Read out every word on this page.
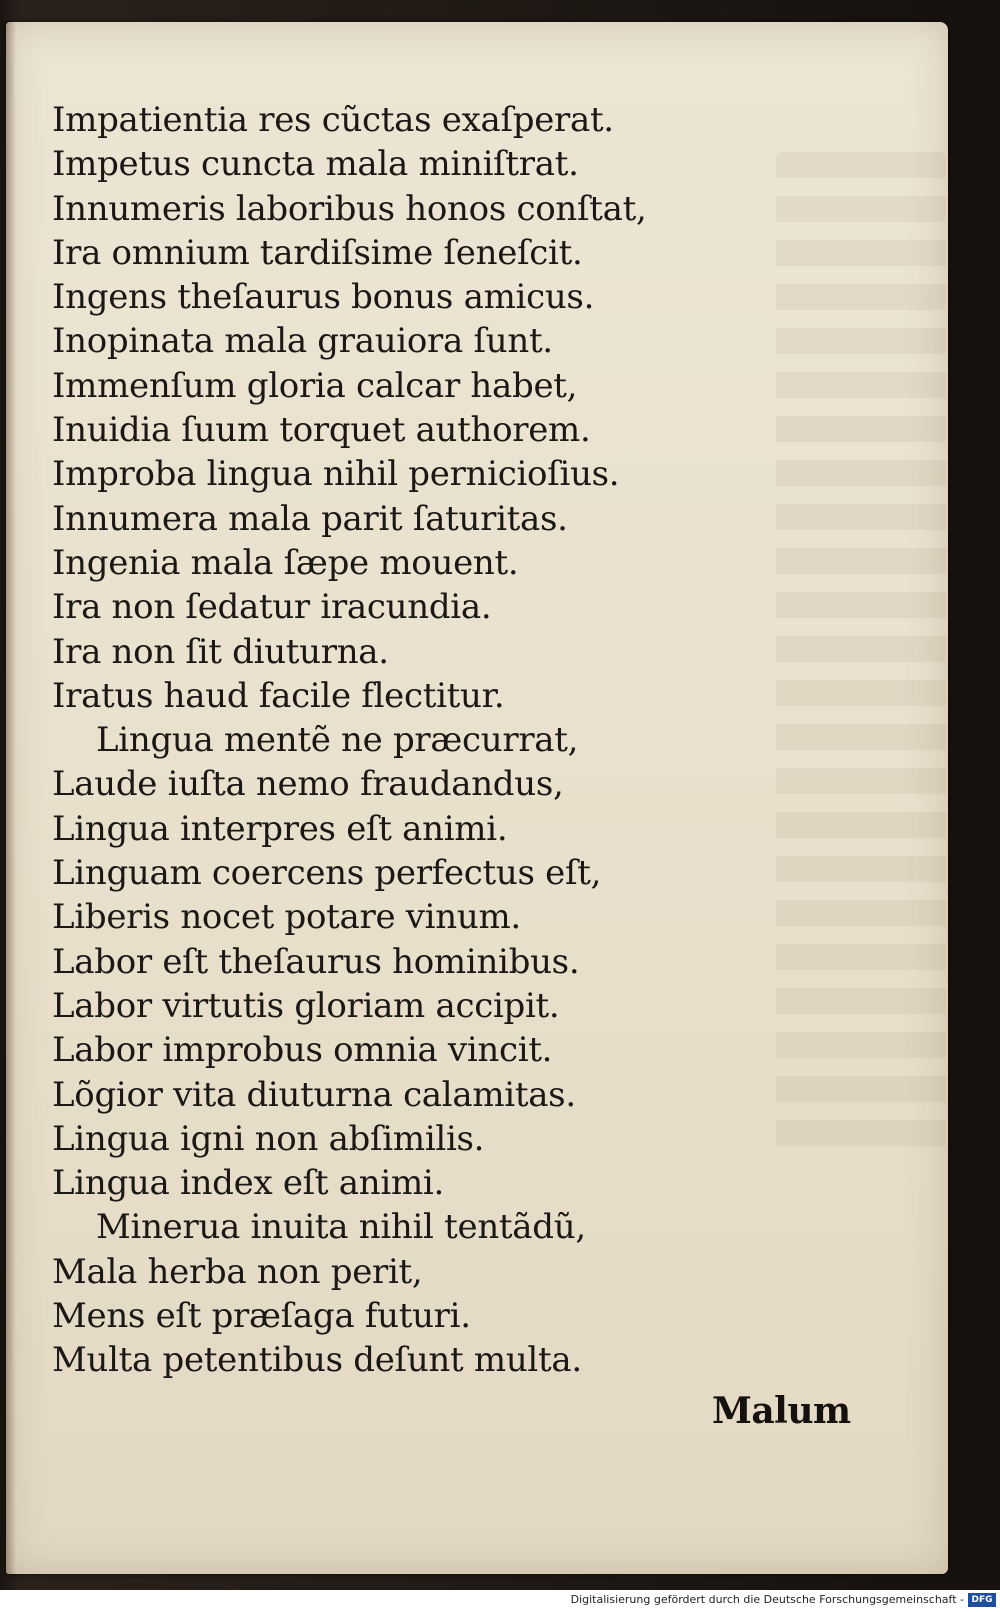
Impatientia res cũctas exaſperat.
Impetus cuncta mala miniſtrat.
Innumeris laboribus honos conſtat,
Ira omnium tardiſsime ſeneſcit.
Ingens theſaurus bonus amicus.
Inopinata mala grauiora ſunt.
Immenſum gloria calcar habet,
Inuidia ſuum torquet authorem.
Improba lingua nihil pernicioſius.
Innumera mala parit ſaturitas.
Ingenia mala ſæpe mouent.
Ira non ſedatur iracundia.
Ira non ſit diuturna.
Iratus haud facile flectitur.
Lingua mentẽ ne præcurrat,
Laude iuſta nemo fraudandus,
Lingua interpres eſt animi.
Linguam coercens perfectus eſt,
Liberis nocet potare vinum.
Labor eſt theſaurus hominibus.
Labor virtutis gloriam accipit.
Labor improbus omnia vincit.
Lõgior vita diuturna calamitas.
Lingua igni non abſimilis.
Lingua index eſt animi.
Minerua inuita nihil tentãdũ,
Mala herba non perit,
Mens eſt præſaga futuri.
Multa petentibus deſunt multa.
Malum
Digitalisierung gefördert durch die Deutsche Forschungsgemeinschaft - DFG
